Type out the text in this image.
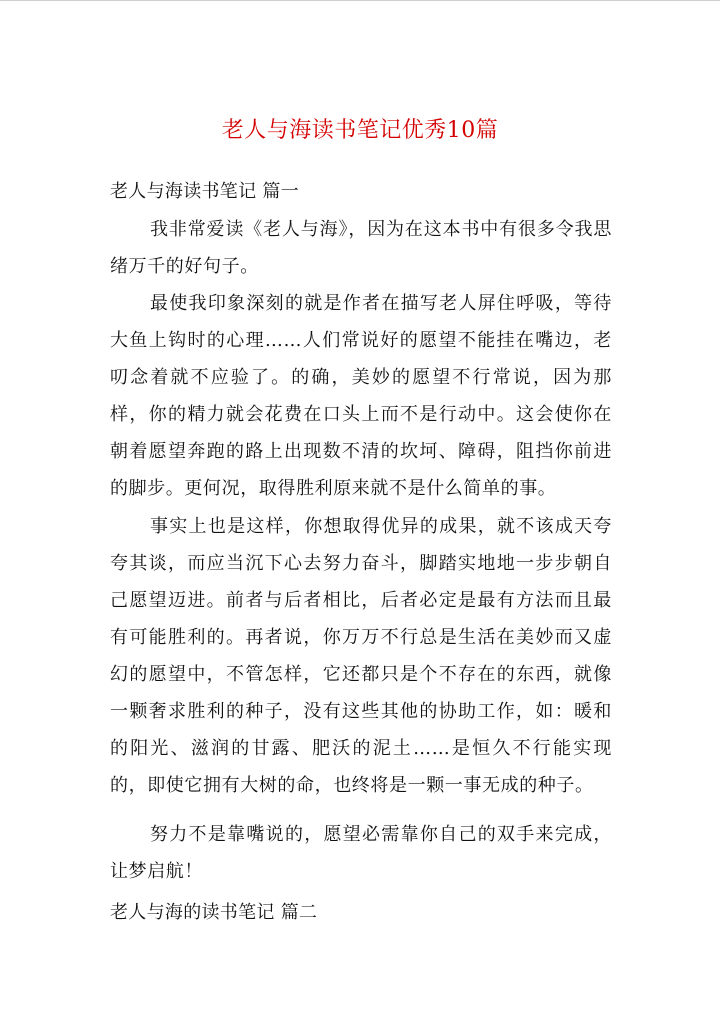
老人与海读书笔记优秀10篇
老人与海读书笔记 篇一
我非常爱读《老人与海》，因为在这本书中有很多令我思绪万千的好句子。
最使我印象深刻的就是作者在描写老人屏住呼吸，等待大鱼上钩时的心理……人们常说好的愿望不能挂在嘴边，老叨念着就不应验了。的确，美妙的愿望不行常说，因为那样，你的精力就会花费在口头上而不是行动中。这会使你在朝着愿望奔跑的路上出现数不清的坎坷、障碍，阻挡你前进的脚步。更何况，取得胜利原来就不是什么简单的事。
事实上也是这样，你想取得优异的成果，就不该成天夸夸其谈，而应当沉下心去努力奋斗，脚踏实地地一步步朝自己愿望迈进。前者与后者相比，后者必定是最有方法而且最有可能胜利的。再者说，你万万不行总是生活在美妙而又虚幻的愿望中，不管怎样，它还都只是个不存在的东西，就像一颗奢求胜利的种子，没有这些其他的协助工作，如：暖和的阳光、滋润的甘露、肥沃的泥土……是恒久不行能实现的，即使它拥有大树的命，也终将是一颗一事无成的种子。
努力不是靠嘴说的，愿望必需靠你自己的双手来完成，让梦启航！
老人与海的读书笔记 篇二
